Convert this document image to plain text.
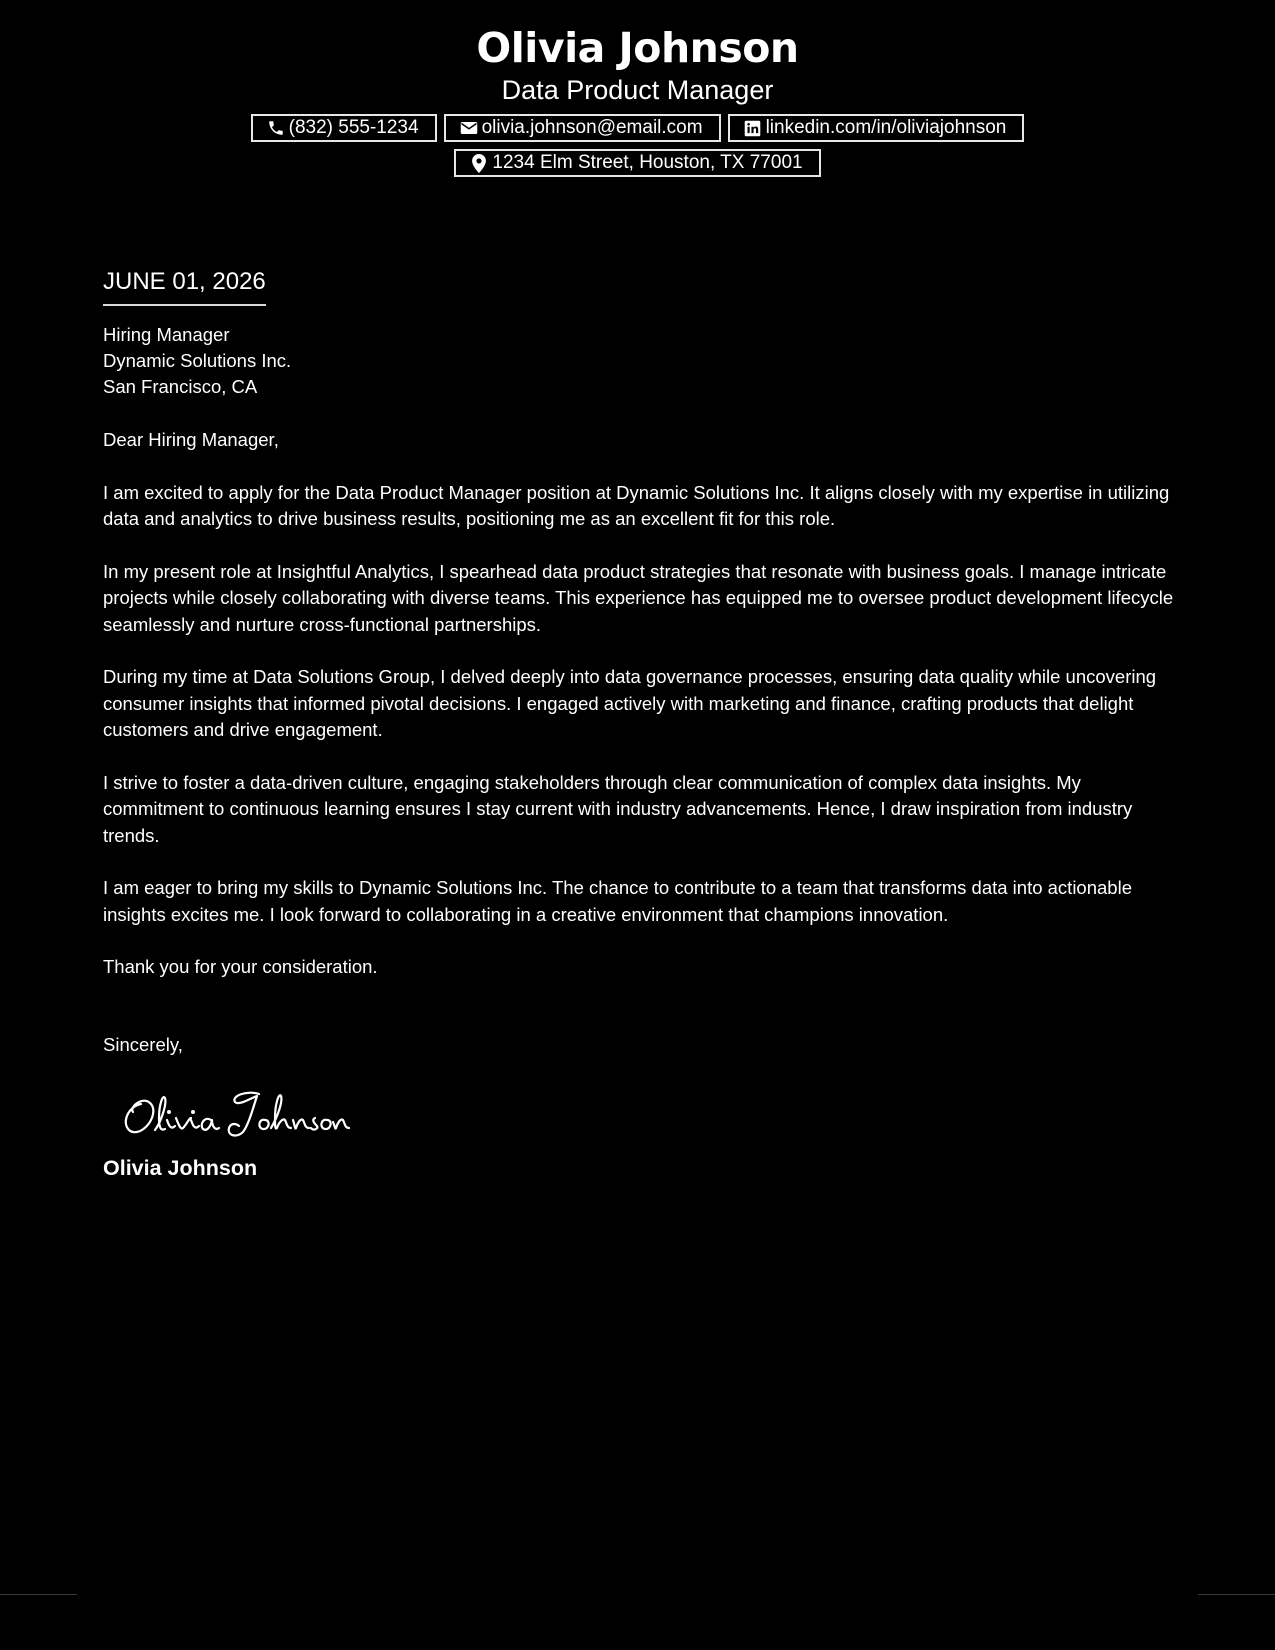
Olivia Johnson
Data Product Manager
(832) 555-1234	olivia.johnson@email.com	linkedin.com/in/oliviajohnson
1234 Elm Street, Houston, TX 77001
JUNE 01, 2026
Hiring Manager
Dynamic Solutions Inc.
San Francisco, CA
Dear Hiring Manager,

I am excited to apply for the Data Product Manager position at Dynamic Solutions Inc. It aligns closely with my expertise in utilizing data and analytics to drive business results, positioning me as an excellent fit for this role.

In my present role at Insightful Analytics, I spearhead data product strategies that resonate with business goals. I manage intricate projects while closely collaborating with diverse teams. This experience has equipped me to oversee product development lifecycle seamlessly and nurture cross-functional partnerships.

During my time at Data Solutions Group, I delved deeply into data governance processes, ensuring data quality while uncovering consumer insights that informed pivotal decisions. I engaged actively with marketing and finance, crafting products that delight customers and drive engagement.

I strive to foster a data-driven culture, engaging stakeholders through clear communication of complex data insights. My commitment to continuous learning ensures I stay current with industry advancements. Hence, I draw inspiration from industry trends.

I am eager to bring my skills to Dynamic Solutions Inc. The chance to contribute to a team that transforms data into actionable insights excites me. I look forward to collaborating in a creative environment that champions innovation.

Thank you for your consideration.

Sincerely,
Olivia Johnson
